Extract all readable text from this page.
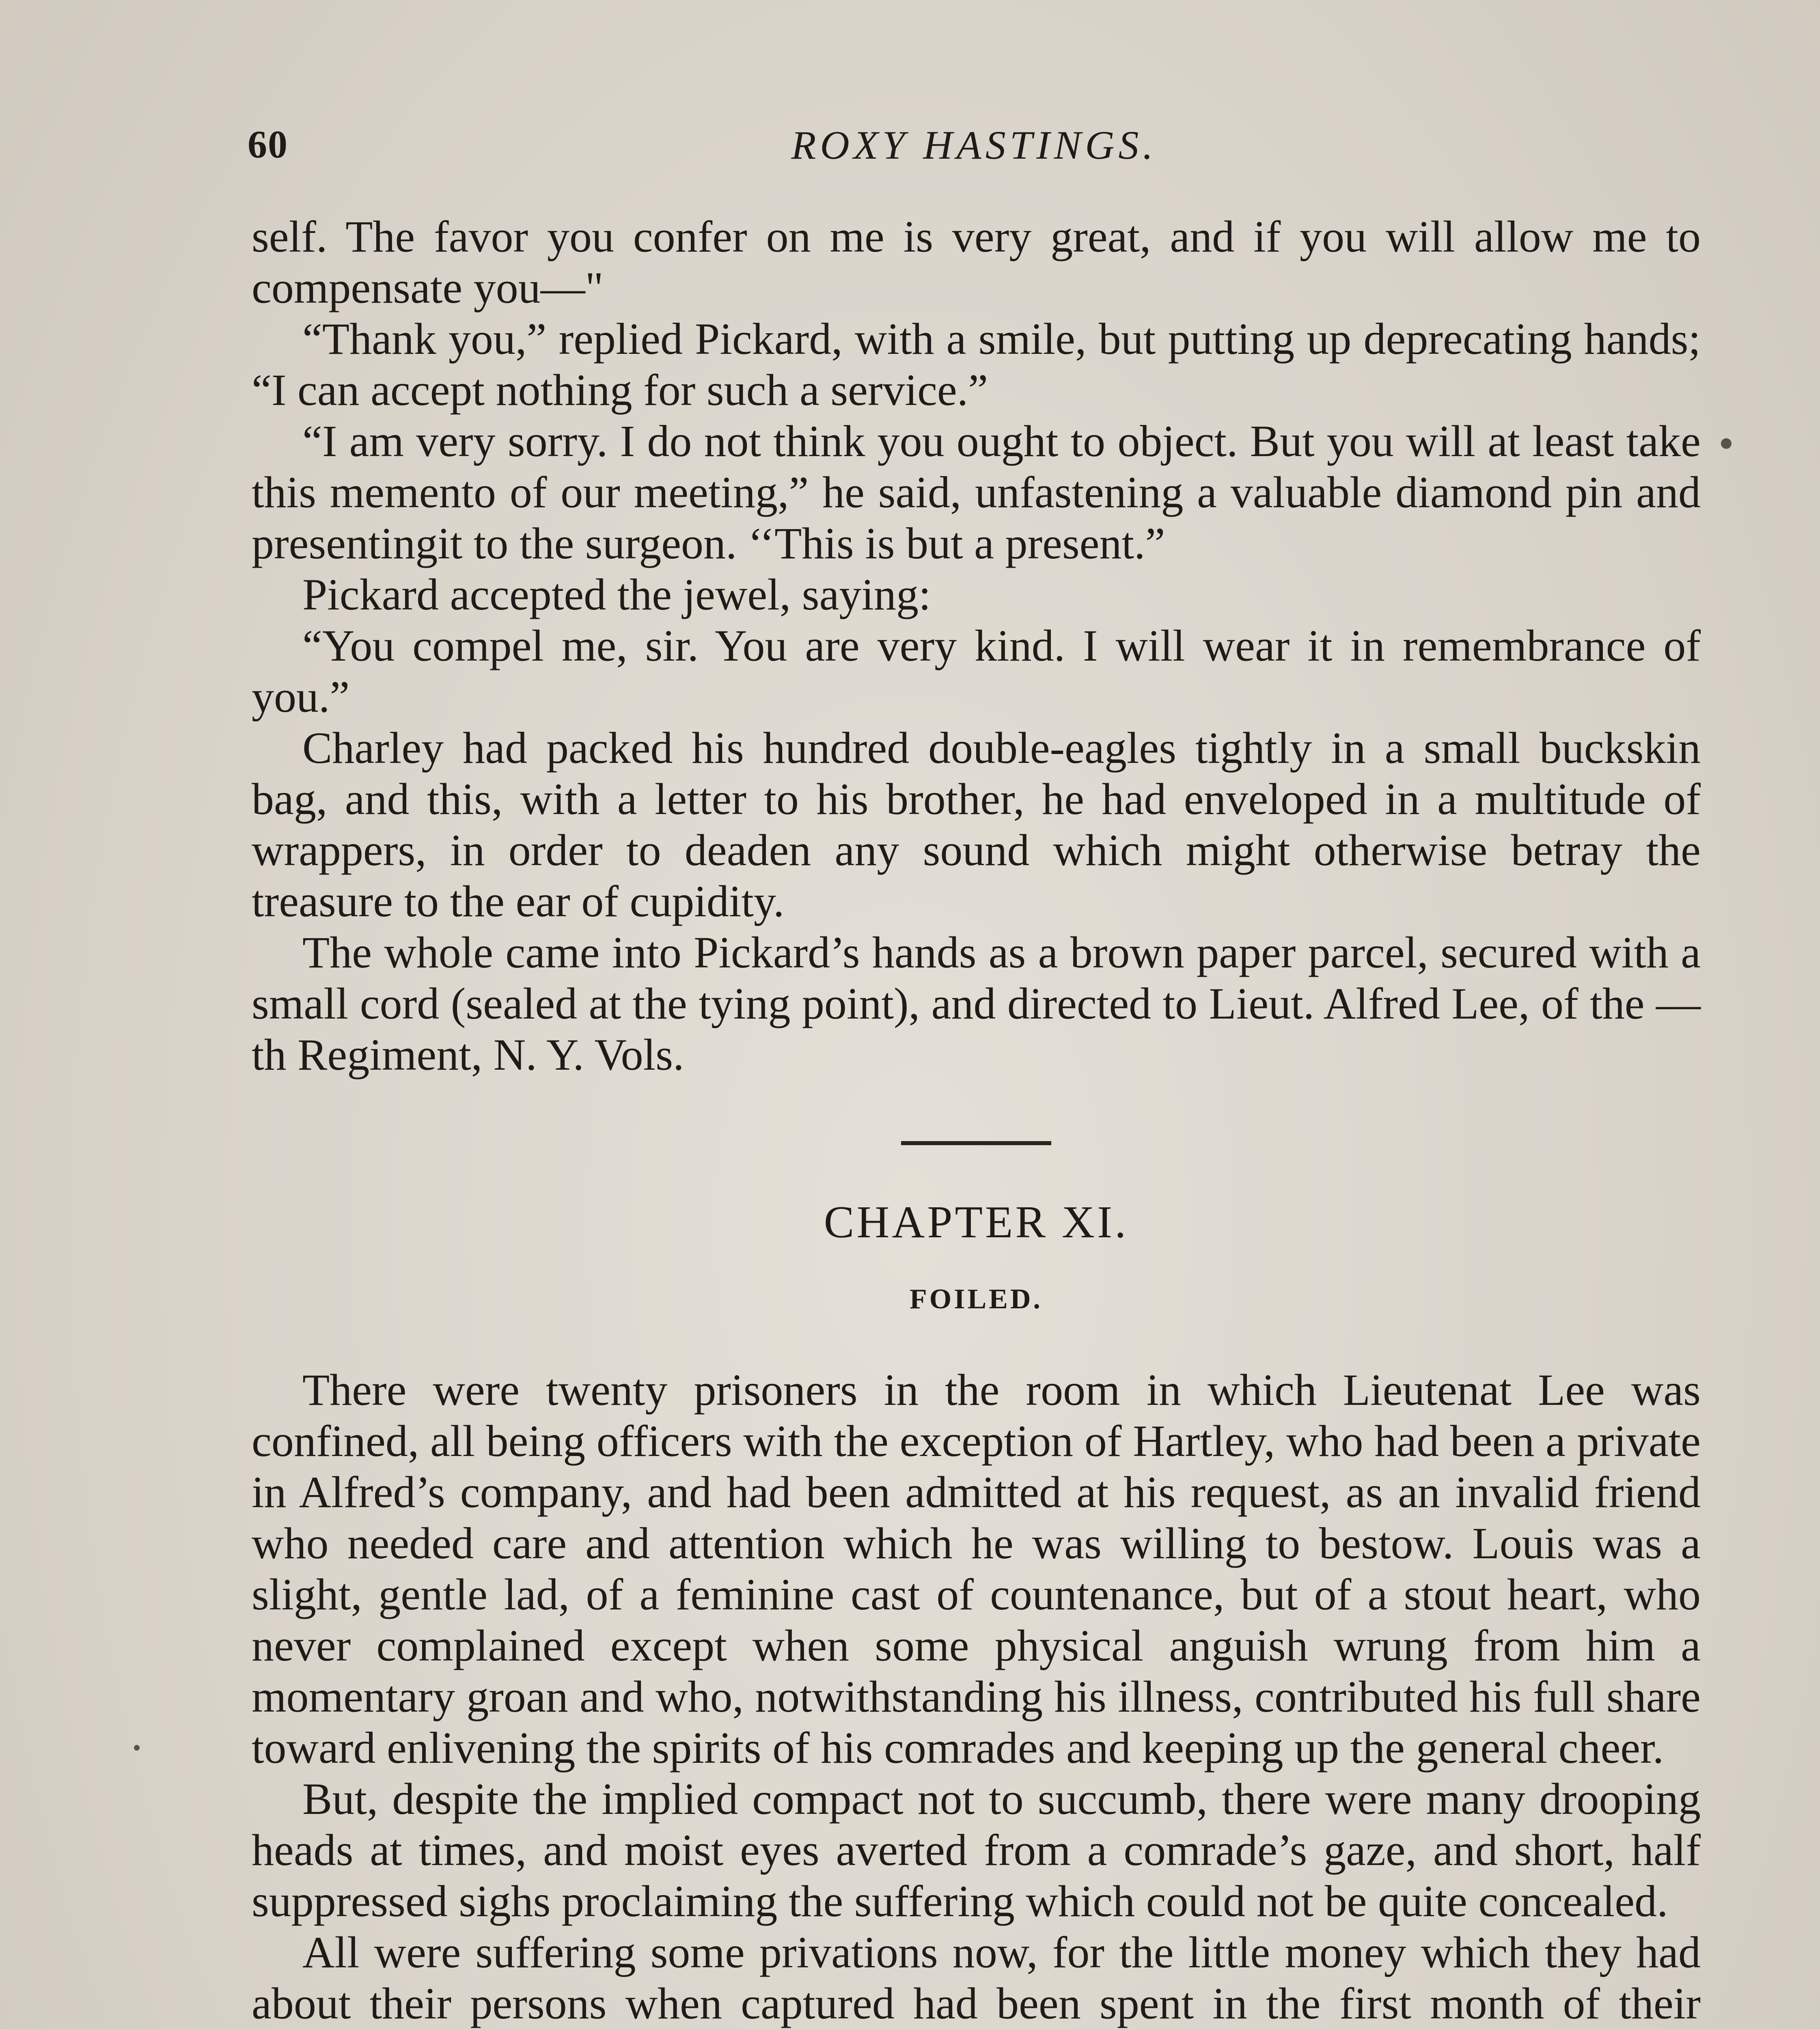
60	ROXY HASTINGS.

self. The favor you confer on me is very great, and if you will allow me to compensate you—"

“Thank you,” replied Pickard, with a smile, but putting up deprecating hands; “I can accept nothing for such a service.”

“I am very sorry. I do not think you ought to object. But you will at least take this memento of our meeting,” he said, unfastening a valuable diamond pin and presentingit to the surgeon. ‘‘This is but a present.”

Pickard accepted the jewel, saying:

“You compel me, sir. You are very kind. I will wear it in remembrance of you.”

Charley had packed his hundred double-eagles tightly in a small buckskin bag, and this, with a letter to his brother, he had enveloped in a multitude of wrappers, in order to deaden any sound which might otherwise betray the treasure to the ear of cupidity.

The whole came into Pickard’s hands as a brown paper parcel, secured with a small cord (sealed at the tying point), and directed to Lieut. Alfred Lee, of the —th Regiment, N. Y. Vols.

CHAPTER XI.
FOILED.

There were twenty prisoners in the room in which Lieutenat Lee was confined, all being officers with the exception of Hartley, who had been a private in Alfred’s company, and had been admitted at his request, as an invalid friend who needed care and attention which he was willing to bestow. Louis was a slight, gentle lad, of a feminine cast of countenance, but of a stout heart, who never complained except when some physical anguish wrung from him a momentary groan and who, notwithstanding his illness, contributed his full share toward enlivening the spirits of his comrades and keeping up the general cheer.

But, despite the implied compact not to succumb, there were many drooping heads at times, and moist eyes averted from a comrade’s gaze, and short, half suppressed sighs proclaiming the suffering which could not be quite concealed.

All were suffering some privations now, for the little money which they had about their persons when captured had been spent in the first month of their
